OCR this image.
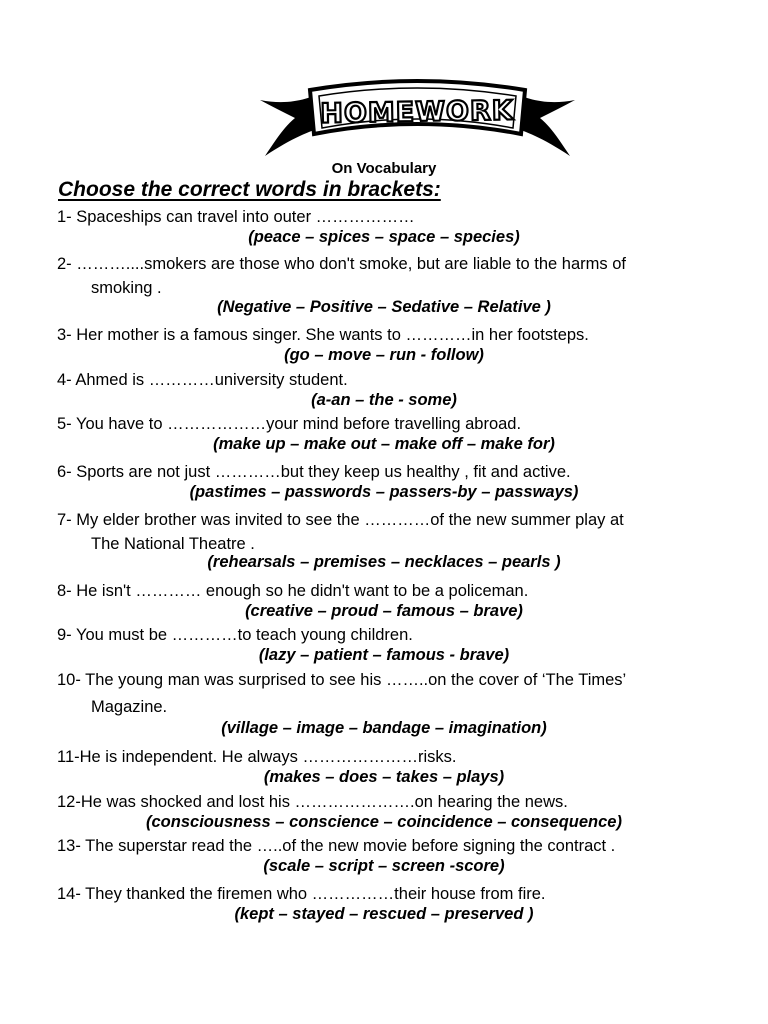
HOMEWORK
On Vocabulary
Choose the correct words in brackets:
1- Spaceships can travel into outer ………………
(peace – spices – space – species)
2- ………....smokers are those who don't smoke, but are liable to the harms of
smoking .
(Negative – Positive – Sedative – Relative )
3- Her mother is a famous singer. She wants to …………in her footsteps.
(go – move – run - follow)
4- Ahmed is …………university student.
(a-an – the - some)
5- You have to ………………your mind before travelling abroad.
(make up – make out – make off – make for)
6- Sports are not just …………but they keep us healthy , fit and active.
(pastimes – passwords – passers-by – passways)
7- My elder brother was invited to see the …………of the new summer play at
The National Theatre .
(rehearsals – premises – necklaces – pearls )
8- He isn't ………… enough so he didn't want to be a policeman.
(creative – proud – famous – brave)
9- You must be …………to teach young children.
(lazy – patient – famous - brave)
10- The young man was surprised to see his ……..on the cover of ‘The Times’
Magazine.
(village – image – bandage – imagination)
11-He is independent. He always …………………risks.
(makes – does – takes – plays)
12-He was shocked and lost his ………………….on hearing the news.
(consciousness – conscience – coincidence – consequence)
13- The superstar read the …..of the new movie before signing the contract .
(scale – script – screen -score)
14- They thanked the firemen who ……………their house from fire.
(kept – stayed – rescued – preserved )
